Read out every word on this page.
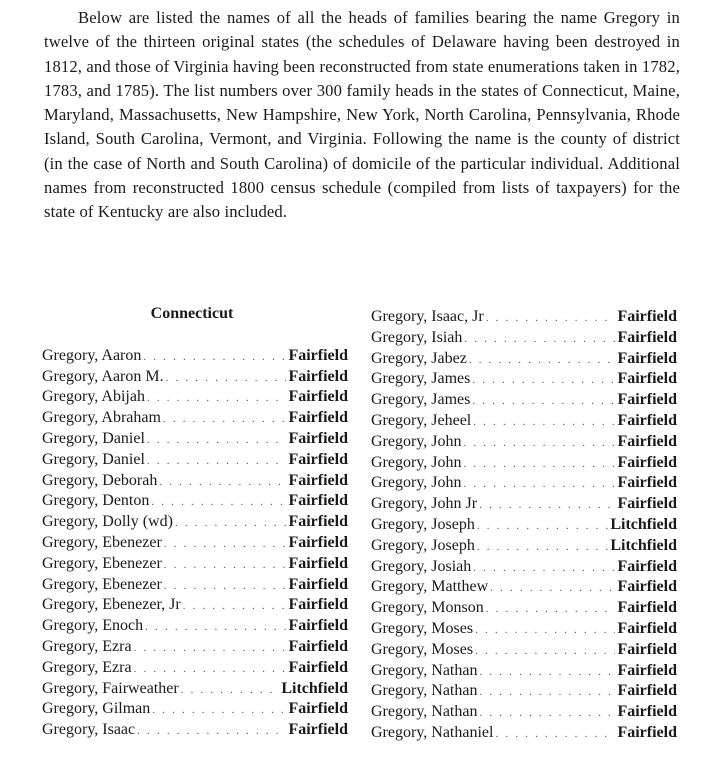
Below are listed the names of all the heads of families bearing the name Gregory in twelve of the thirteen original states (the schedules of Delaware having been destroyed in 1812, and those of Virginia having been reconstructed from state enumerations taken in 1782, 1783, and 1785). The list numbers over 300 family heads in the states of Connecticut, Maine, Maryland, Massachusetts, New Hampshire, New York, North Carolina, Pennsylvania, Rhode Island, South Carolina, Vermont, and Virginia. Following the name is the county of district (in the case of North and South Carolina) of domicile of the particular individual. Additional names from reconstructed 1800 census schedule (compiled from lists of taxpayers) for the state of Kentucky are also included.

Connecticut
Gregory, Aaron . . .	Fairfield
Gregory, Aaron M. . . .	Fairfield
Gregory, Abijah . . .	Fairfield
Gregory, Abraham . . .	Fairfield
Gregory, Daniel . . .	Fairfield
Gregory, Daniel . . .	Fairfield
Gregory, Deborah . . .	Fairfield
Gregory, Denton . . .	Fairfield
Gregory, Dolly (wd) . . .	Fairfield
Gregory, Ebenezer . . .	Fairfield
Gregory, Ebenezer . . .	Fairfield
Gregory, Ebenezer . . .	Fairfield
Gregory, Ebenezer, Jr . . .	Fairfield
Gregory, Enoch . . .	Fairfield
Gregory, Ezra . . .	Fairfield
Gregory, Ezra . . .	Fairfield
Gregory, Fairweather . . .	Litchfield
Gregory, Gilman . . .	Fairfield
Gregory, Isaac . . .	Fairfield
Gregory, Isaac, Jr . . .	Fairfield
Gregory, Isiah . . .	Fairfield
Gregory, Jabez . . .	Fairfield
Gregory, James . . .	Fairfield
Gregory, James . . .	Fairfield
Gregory, Jeheel . . .	Fairfield
Gregory, John . . .	Fairfield
Gregory, John . . .	Fairfield
Gregory, John . . .	Fairfield
Gregory, John Jr . . .	Fairfield
Gregory, Joseph . . .	Litchfield
Gregory, Joseph . . .	Litchfield
Gregory, Josiah . . .	Fairfield
Gregory, Matthew . . .	Fairfield
Gregory, Monson . . .	Fairfield
Gregory, Moses . . .	Fairfield
Gregory, Moses . . .	Fairfield
Gregory, Nathan . . .	Fairfield
Gregory, Nathan . . .	Fairfield
Gregory, Nathan . . .	Fairfield
Gregory, Nathaniel . . .	Fairfield
